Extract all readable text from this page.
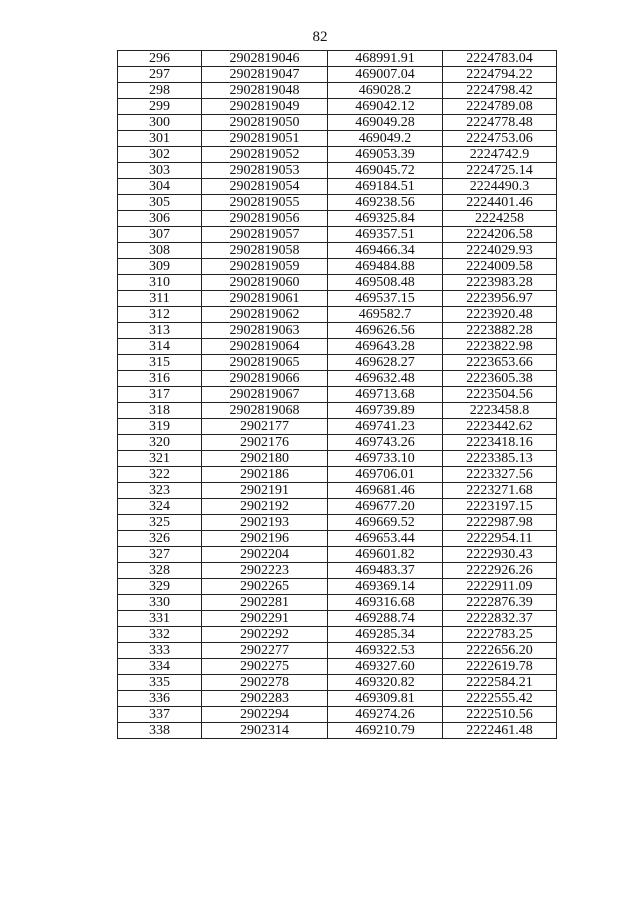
82
296	2902819046	468991.91	2224783.04
297	2902819047	469007.04	2224794.22
298	2902819048	469028.2	2224798.42
299	2902819049	469042.12	2224789.08
300	2902819050	469049.28	2224778.48
301	2902819051	469049.2	2224753.06
302	2902819052	469053.39	2224742.9
303	2902819053	469045.72	2224725.14
304	2902819054	469184.51	2224490.3
305	2902819055	469238.56	2224401.46
306	2902819056	469325.84	2224258
307	2902819057	469357.51	2224206.58
308	2902819058	469466.34	2224029.93
309	2902819059	469484.88	2224009.58
310	2902819060	469508.48	2223983.28
311	2902819061	469537.15	2223956.97
312	2902819062	469582.7	2223920.48
313	2902819063	469626.56	2223882.28
314	2902819064	469643.28	2223822.98
315	2902819065	469628.27	2223653.66
316	2902819066	469632.48	2223605.38
317	2902819067	469713.68	2223504.56
318	2902819068	469739.89	2223458.8
319	2902177	469741.23	2223442.62
320	2902176	469743.26	2223418.16
321	2902180	469733.10	2223385.13
322	2902186	469706.01	2223327.56
323	2902191	469681.46	2223271.68
324	2902192	469677.20	2223197.15
325	2902193	469669.52	2222987.98
326	2902196	469653.44	2222954.11
327	2902204	469601.82	2222930.43
328	2902223	469483.37	2222926.26
329	2902265	469369.14	2222911.09
330	2902281	469316.68	2222876.39
331	2902291	469288.74	2222832.37
332	2902292	469285.34	2222783.25
333	2902277	469322.53	2222656.20
334	2902275	469327.60	2222619.78
335	2902278	469320.82	2222584.21
336	2902283	469309.81	2222555.42
337	2902294	469274.26	2222510.56
338	2902314	469210.79	2222461.48
